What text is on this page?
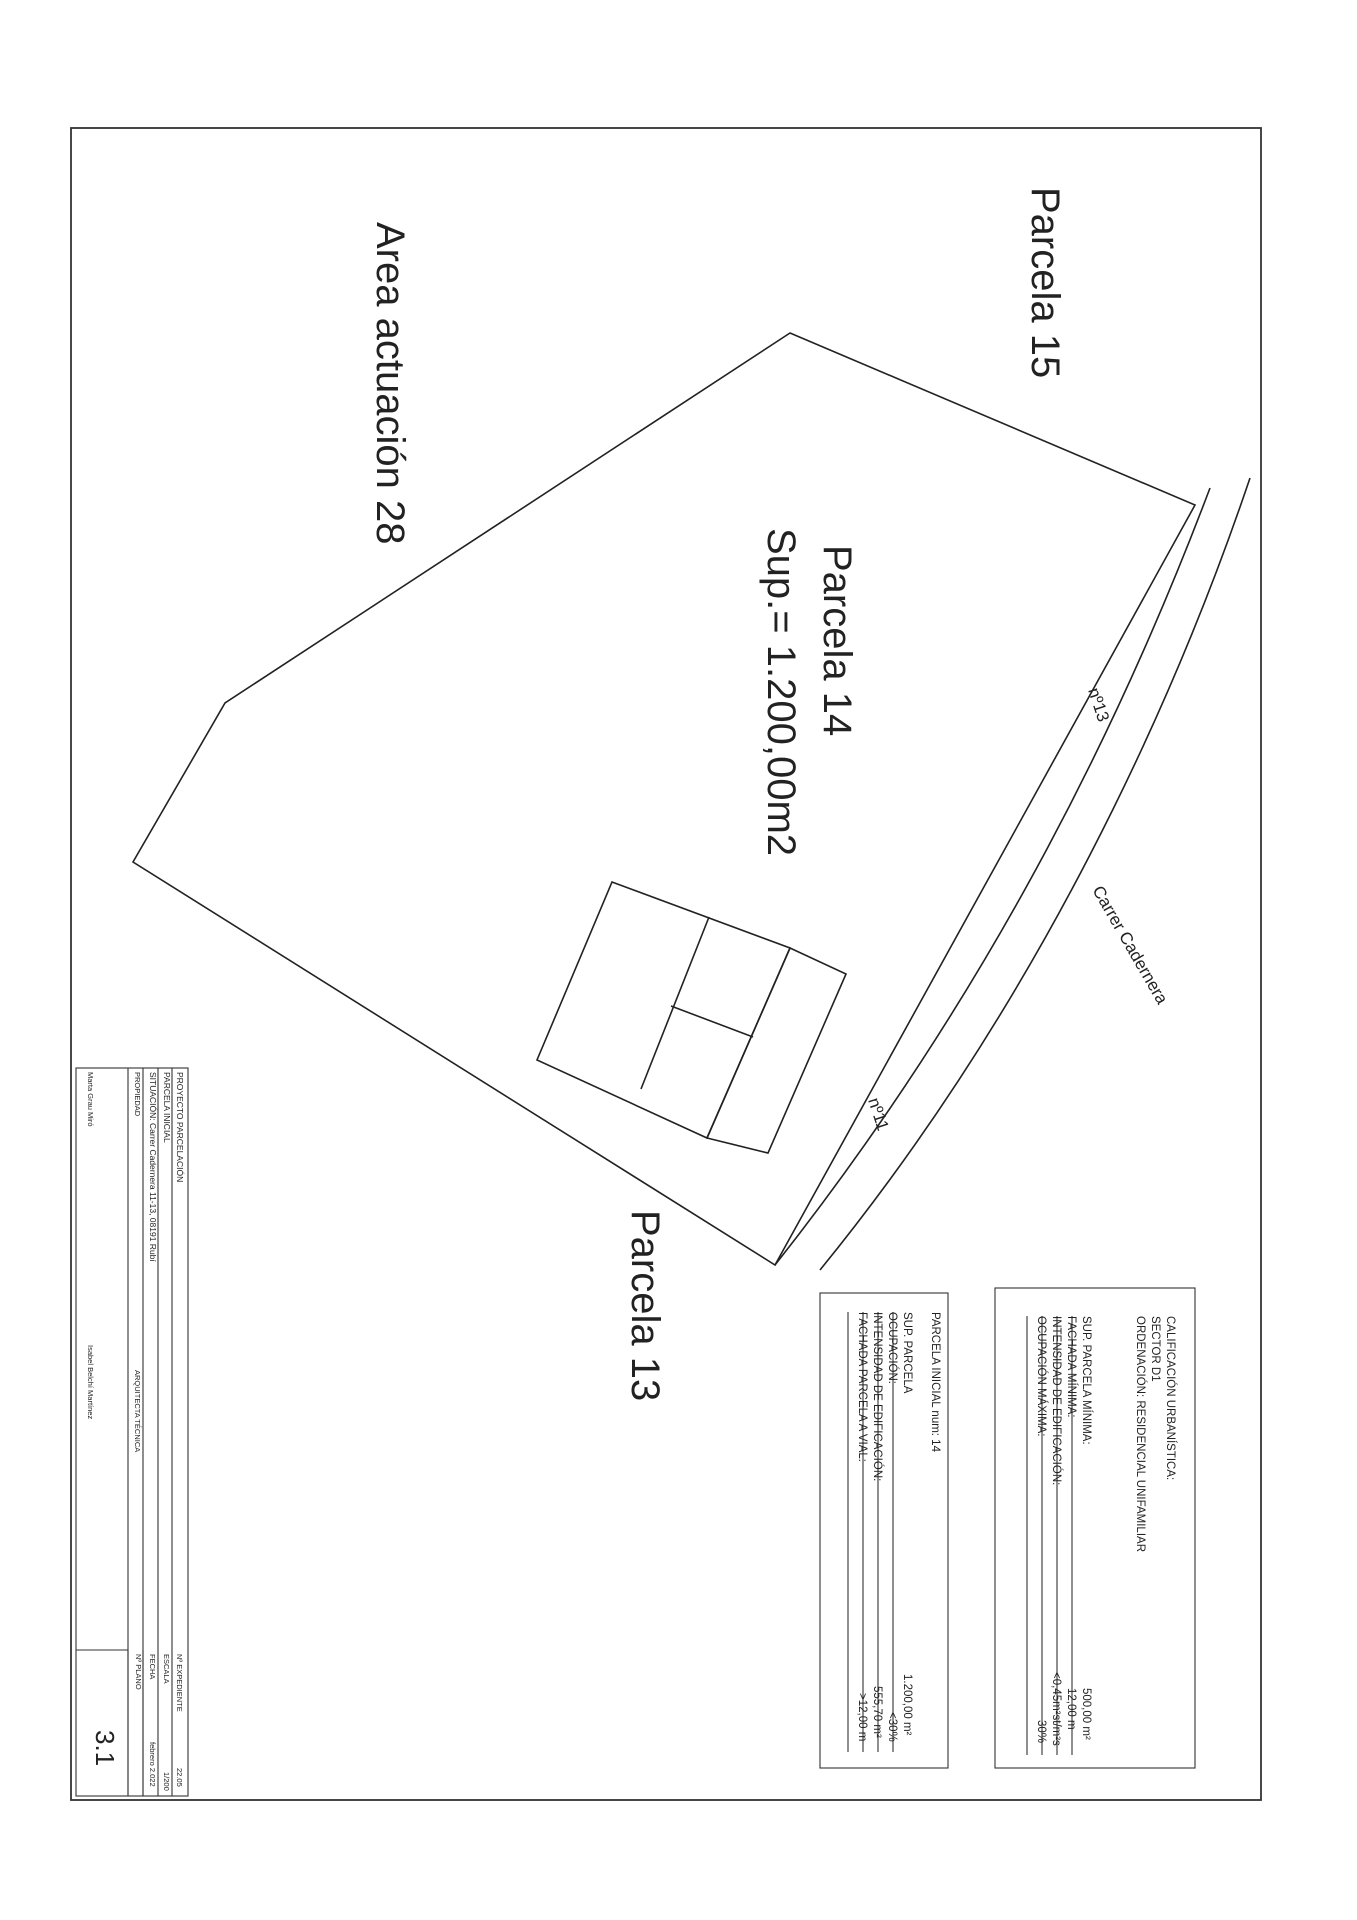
Parcela 15
Area actuación 28
Parcela 14
Sup.= 1.200,00m2	nº13
nº11
Carrer Cadernera
Parcela 13	CALIFICACIÓN URBANÍSTICA:
SECTOR D1
ORDENACIÓN: RESIDENCIAL UNIFAMILIAR
SUP. PARCELA MÍNIMA:
500,00 m²
FACHADA MÍNIMA:
12,00 m
INTENSIDAD DE EDIFICACIÓN:
<0,45m²st/m²s
OCUPACIÓN MÁXIMA:
30%
PARCELA INICIAL num: 14
SUP. PARCELA
1.200,00 m²
OCUPACIÓN:
<30%
INTENSIDAD DE EDIFICACIÓN:
555,70 m²
FACHADA PARCELA A VIAL:
>12,00 m
PROYECTO PARCELACIÓN
PARCELA INICIAL
SITUACIÓN: Carrer Cadernera 11-13, 08191 Rubí
PROPIEDAD
ARQUITECTA TÉCNICA
Marta Grau Miró
Isabel Belchí Martínez
Nº EXPEDIENTE
22.05
ESCALA
1/200
FECHA
febrero 2.022
Nº PLANO
3.1
